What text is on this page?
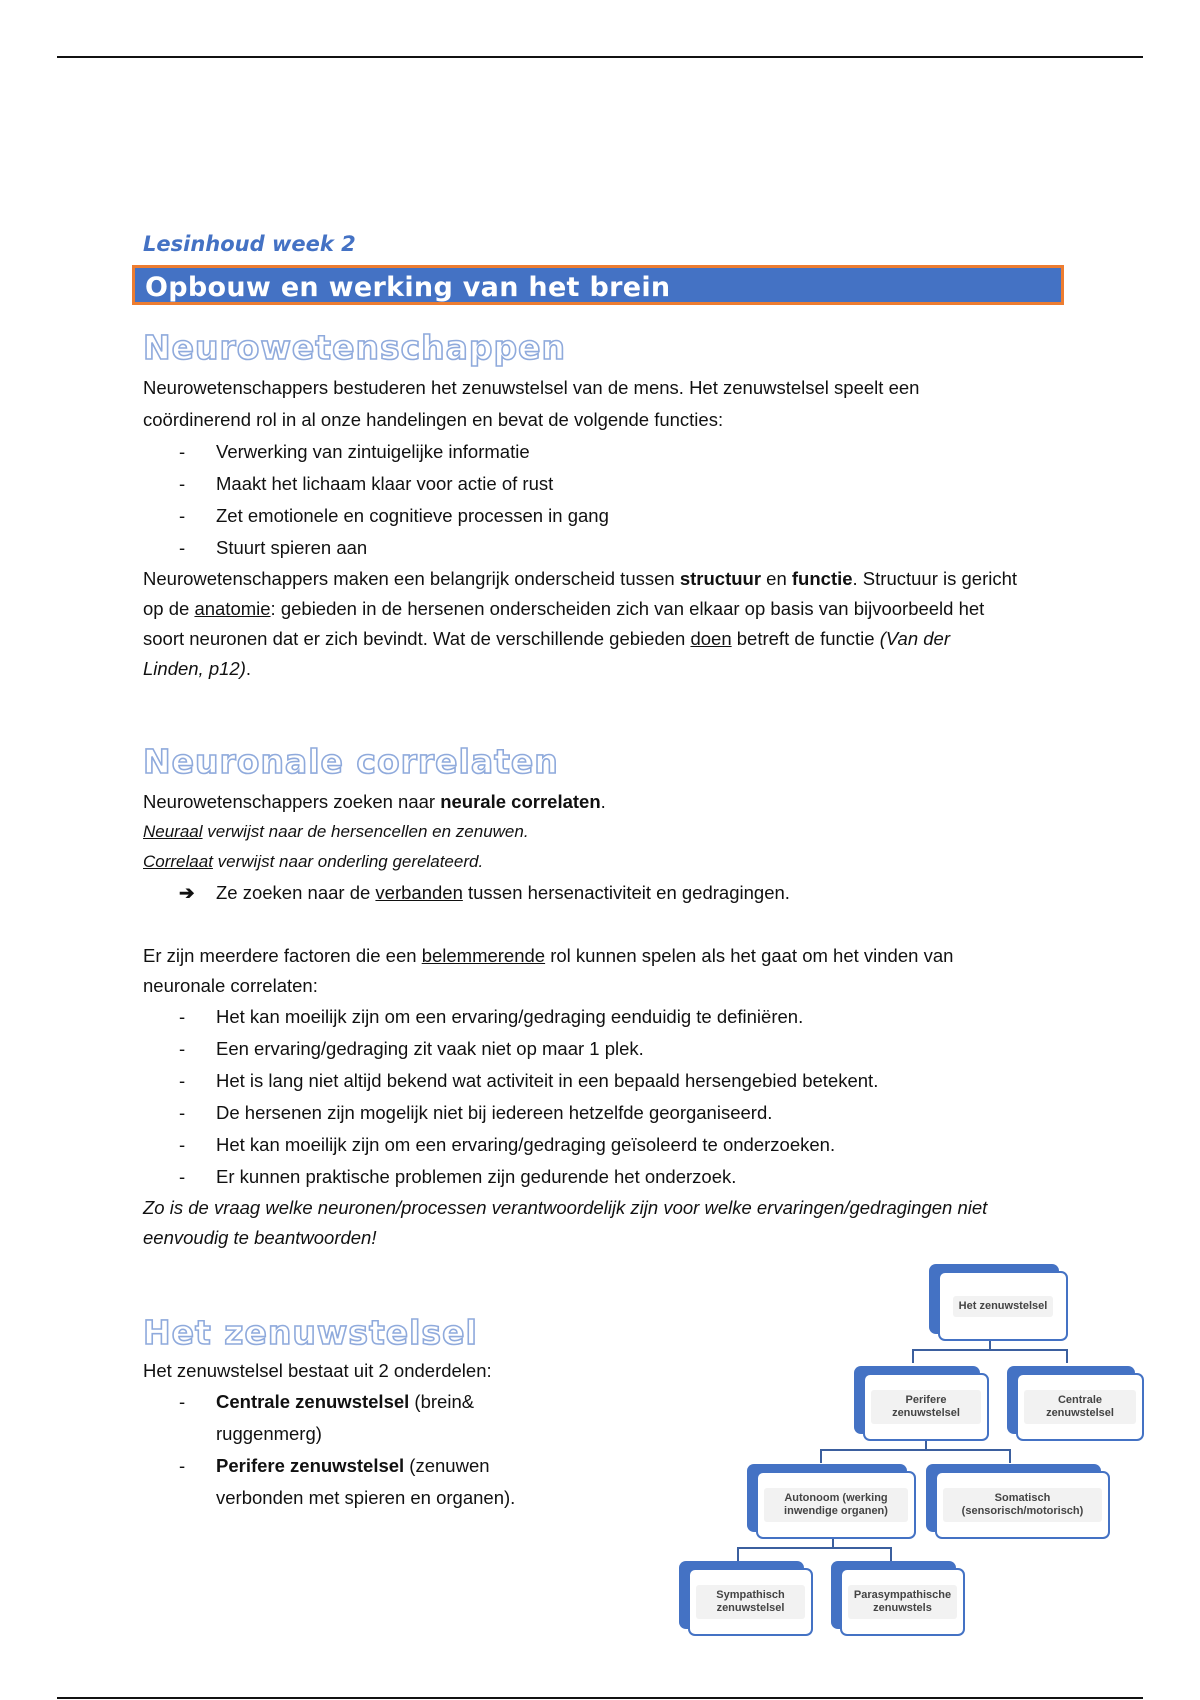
Lesinhoud week 2
Opbouw en werking van het brein
Neurowetenschappen

Neurowetenschappers bestuderen het zenuwstelsel van de mens. Het zenuwstelsel speelt een

coördinerend rol in al onze handelingen en bevat de volgende functies:

- Verwerking van zintuigelijke informatie
- Maakt het lichaam klaar voor actie of rust
- Zet emotionele en cognitieve processen in gang
- Stuurt spieren aan

Neurowetenschappers maken een belangrijk onderscheid tussen structuur en functie. Structuur is gericht

op de anatomie: gebieden in de hersenen onderscheiden zich van elkaar op basis van bijvoorbeeld het

soort neuronen dat er zich bevindt. Wat de verschillende gebieden doen betreft de functie (Van der

Linden, p12).

Neuronale correlaten

Neurowetenschappers zoeken naar neurale correlaten.

Neuraal verwijst naar de hersencellen en zenuwen.

Correlaat verwijst naar onderling gerelateerd.

➔ Ze zoeken naar de verbanden tussen hersenactiviteit en gedragingen.

Er zijn meerdere factoren die een belemmerende rol kunnen spelen als het gaat om het vinden van

neuronale correlaten:

- Het kan moeilijk zijn om een ervaring/gedraging eenduidig te definiëren.
- Een ervaring/gedraging zit vaak niet op maar 1 plek.
- Het is lang niet altijd bekend wat activiteit in een bepaald hersengebied betekent.
- De hersenen zijn mogelijk niet bij iedereen hetzelfde georganiseerd.
- Het kan moeilijk zijn om een ervaring/gedraging geïsoleerd te onderzoeken.
- Er kunnen praktische problemen zijn gedurende het onderzoek.

Zo is de vraag welke neuronen/processen verantwoordelijk zijn voor welke ervaringen/gedragingen niet

eenvoudig te beantwoorden!

Het zenuwstelsel

Het zenuwstelsel bestaat uit 2 onderdelen:

- Centrale zenuwstelsel (brein&
ruggenmerg)
- Perifere zenuwstelsel (zenuwen
verbonden met spieren en organen).
Het zenuwstelsel
Perifere zenuwstelsel
Centrale zenuwstelsel
Autonoom (werking inwendige organen)
Somatisch (sensorisch/motorisch)
Sympathisch zenuwstelsel
Parasympathische zenuwstels
